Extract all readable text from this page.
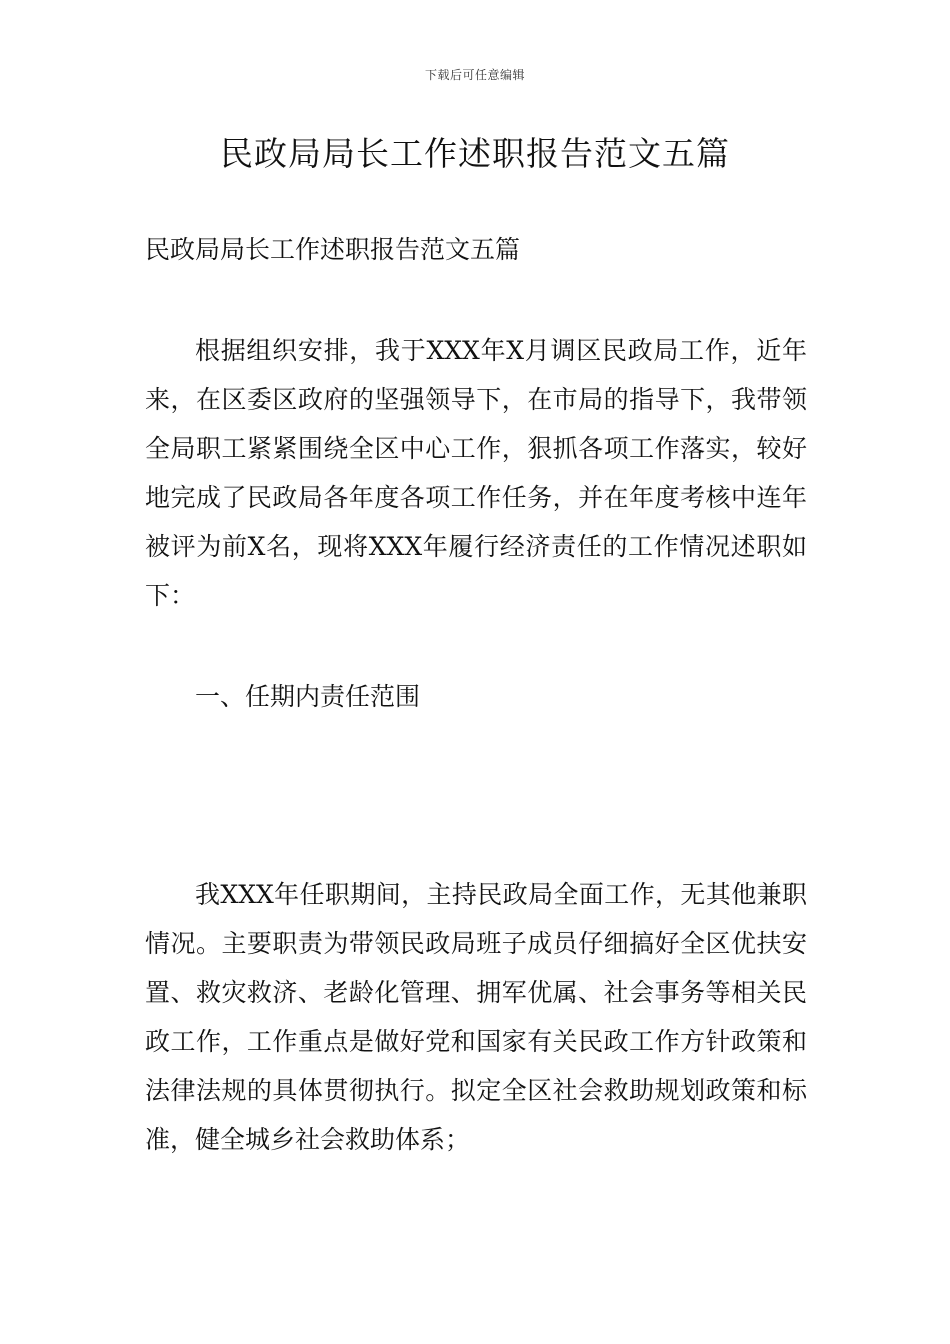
下载后可任意编辑
民政局局长工作述职报告范文五篇

民政局局长工作述职报告范文五篇

根据组织安排，我于XXX年X月调区民政局工作，近年来，在区委区政府的坚强领导下，在市局的指导下，我带领全局职工紧紧围绕全区中心工作，狠抓各项工作落实，较好地完成了民政局各年度各项工作任务，并在年度考核中连年被评为前X名，现将XXX年履行经济责任的工作情况述职如下：

一、任期内责任范围

我XXX年任职期间，主持民政局全面工作，无其他兼职情况。主要职责为带领民政局班子成员仔细搞好全区优扶安置、救灾救济、老龄化管理、拥军优属、社会事务等相关民政工作，工作重点是做好党和国家有关民政工作方针政策和法律法规的具体贯彻执行。拟定全区社会救助规划政策和标准，健全城乡社会救助体系；
